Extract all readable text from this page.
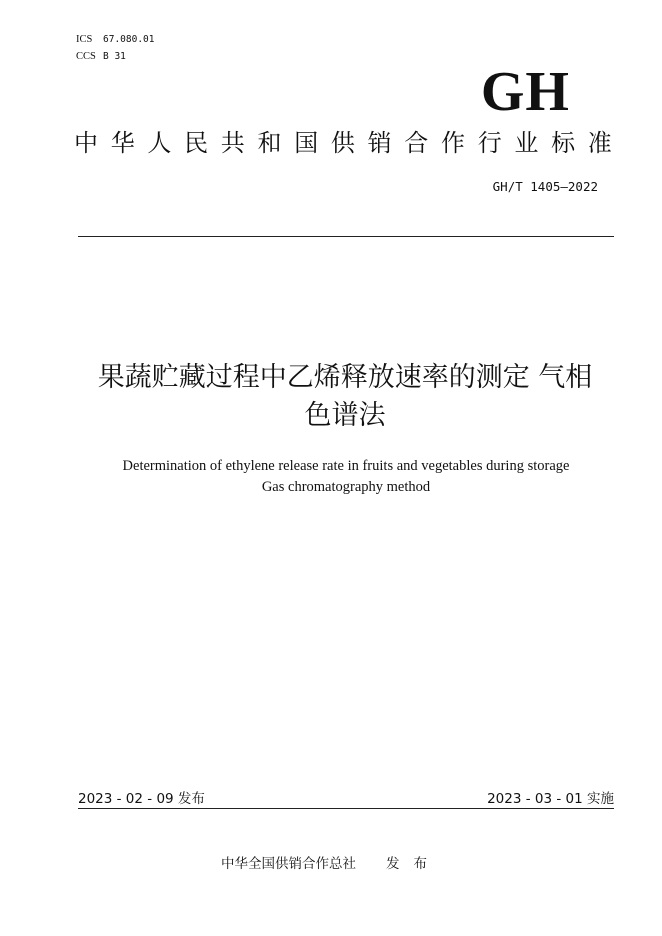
ICS 67.080.01
CCS B 31
GH
中华人民共和国供销合作行业标准
GH/T 1405—2022
果蔬贮藏过程中乙烯释放速率的测定 气相
色谱法
Determination of ethylene release rate in fruits and vegetables during storage
Gas chromatography method
2023 - 02 - 09 发布	2023 - 03 - 01 实施
中华全国供销合作总社 发布
